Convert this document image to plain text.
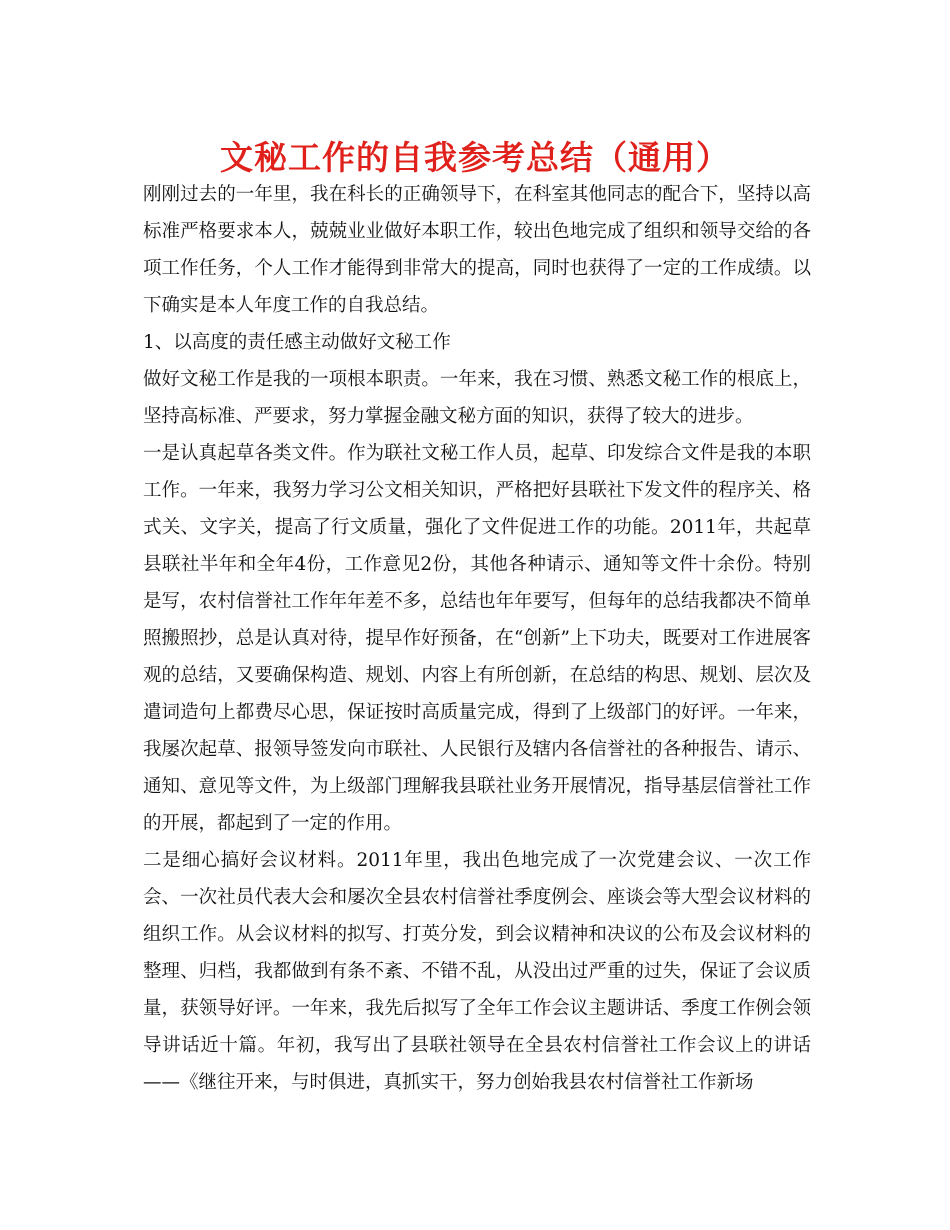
文秘工作的自我参考总结（通用）

刚刚过去的一年里，我在科长的正确领导下，在科室其他同志的配合下，坚持以高标准严格要求本人，兢兢业业做好本职工作，较出色地完成了组织和领导交给的各项工作任务，个人工作才能得到非常大的提高，同时也获得了一定的工作成绩。以下确实是本人年度工作的自我总结。

1、以高度的责任感主动做好文秘工作

做好文秘工作是我的一项根本职责。一年来，我在习惯、熟悉文秘工作的根底上，坚持高标准、严要求，努力掌握金融文秘方面的知识，获得了较大的进步。

一是认真起草各类文件。作为联社文秘工作人员，起草、印发综合文件是我的本职工作。一年来，我努力学习公文相关知识，严格把好县联社下发文件的程序关、格式关、文字关，提高了行文质量，强化了文件促进工作的功能。2011年，共起草县联社半年和全年4份，工作意见2份，其他各种请示、通知等文件十余份。特别是写，农村信誉社工作年年差不多，总结也年年要写，但每年的总结我都决不简单照搬照抄，总是认真对待，提早作好预备，在“创新”上下功夫，既要对工作进展客观的总结，又要确保构造、规划、内容上有所创新，在总结的构思、规划、层次及遣词造句上都费尽心思，保证按时高质量完成，得到了上级部门的好评。一年来，我屡次起草、报领导签发向市联社、人民银行及辖内各信誉社的各种报告、请示、通知、意见等文件，为上级部门理解我县联社业务开展情况，指导基层信誉社工作的开展，都起到了一定的作用。

二是细心搞好会议材料。2011年里，我出色地完成了一次党建会议、一次工作会、一次社员代表大会和屡次全县农村信誉社季度例会、座谈会等大型会议材料的组织工作。从会议材料的拟写、打英分发，到会议精神和决议的公布及会议材料的整理、归档，我都做到有条不紊、不错不乱，从没出过严重的过失，保证了会议质量，获领导好评。一年来，我先后拟写了全年工作会议主题讲话、季度工作例会领导讲话近十篇。年初，我写出了县联社领导在全县农村信誉社工作会议上的讲话——《继往开来，与时俱进，真抓实干，努力创始我县农村信誉社工作新场
